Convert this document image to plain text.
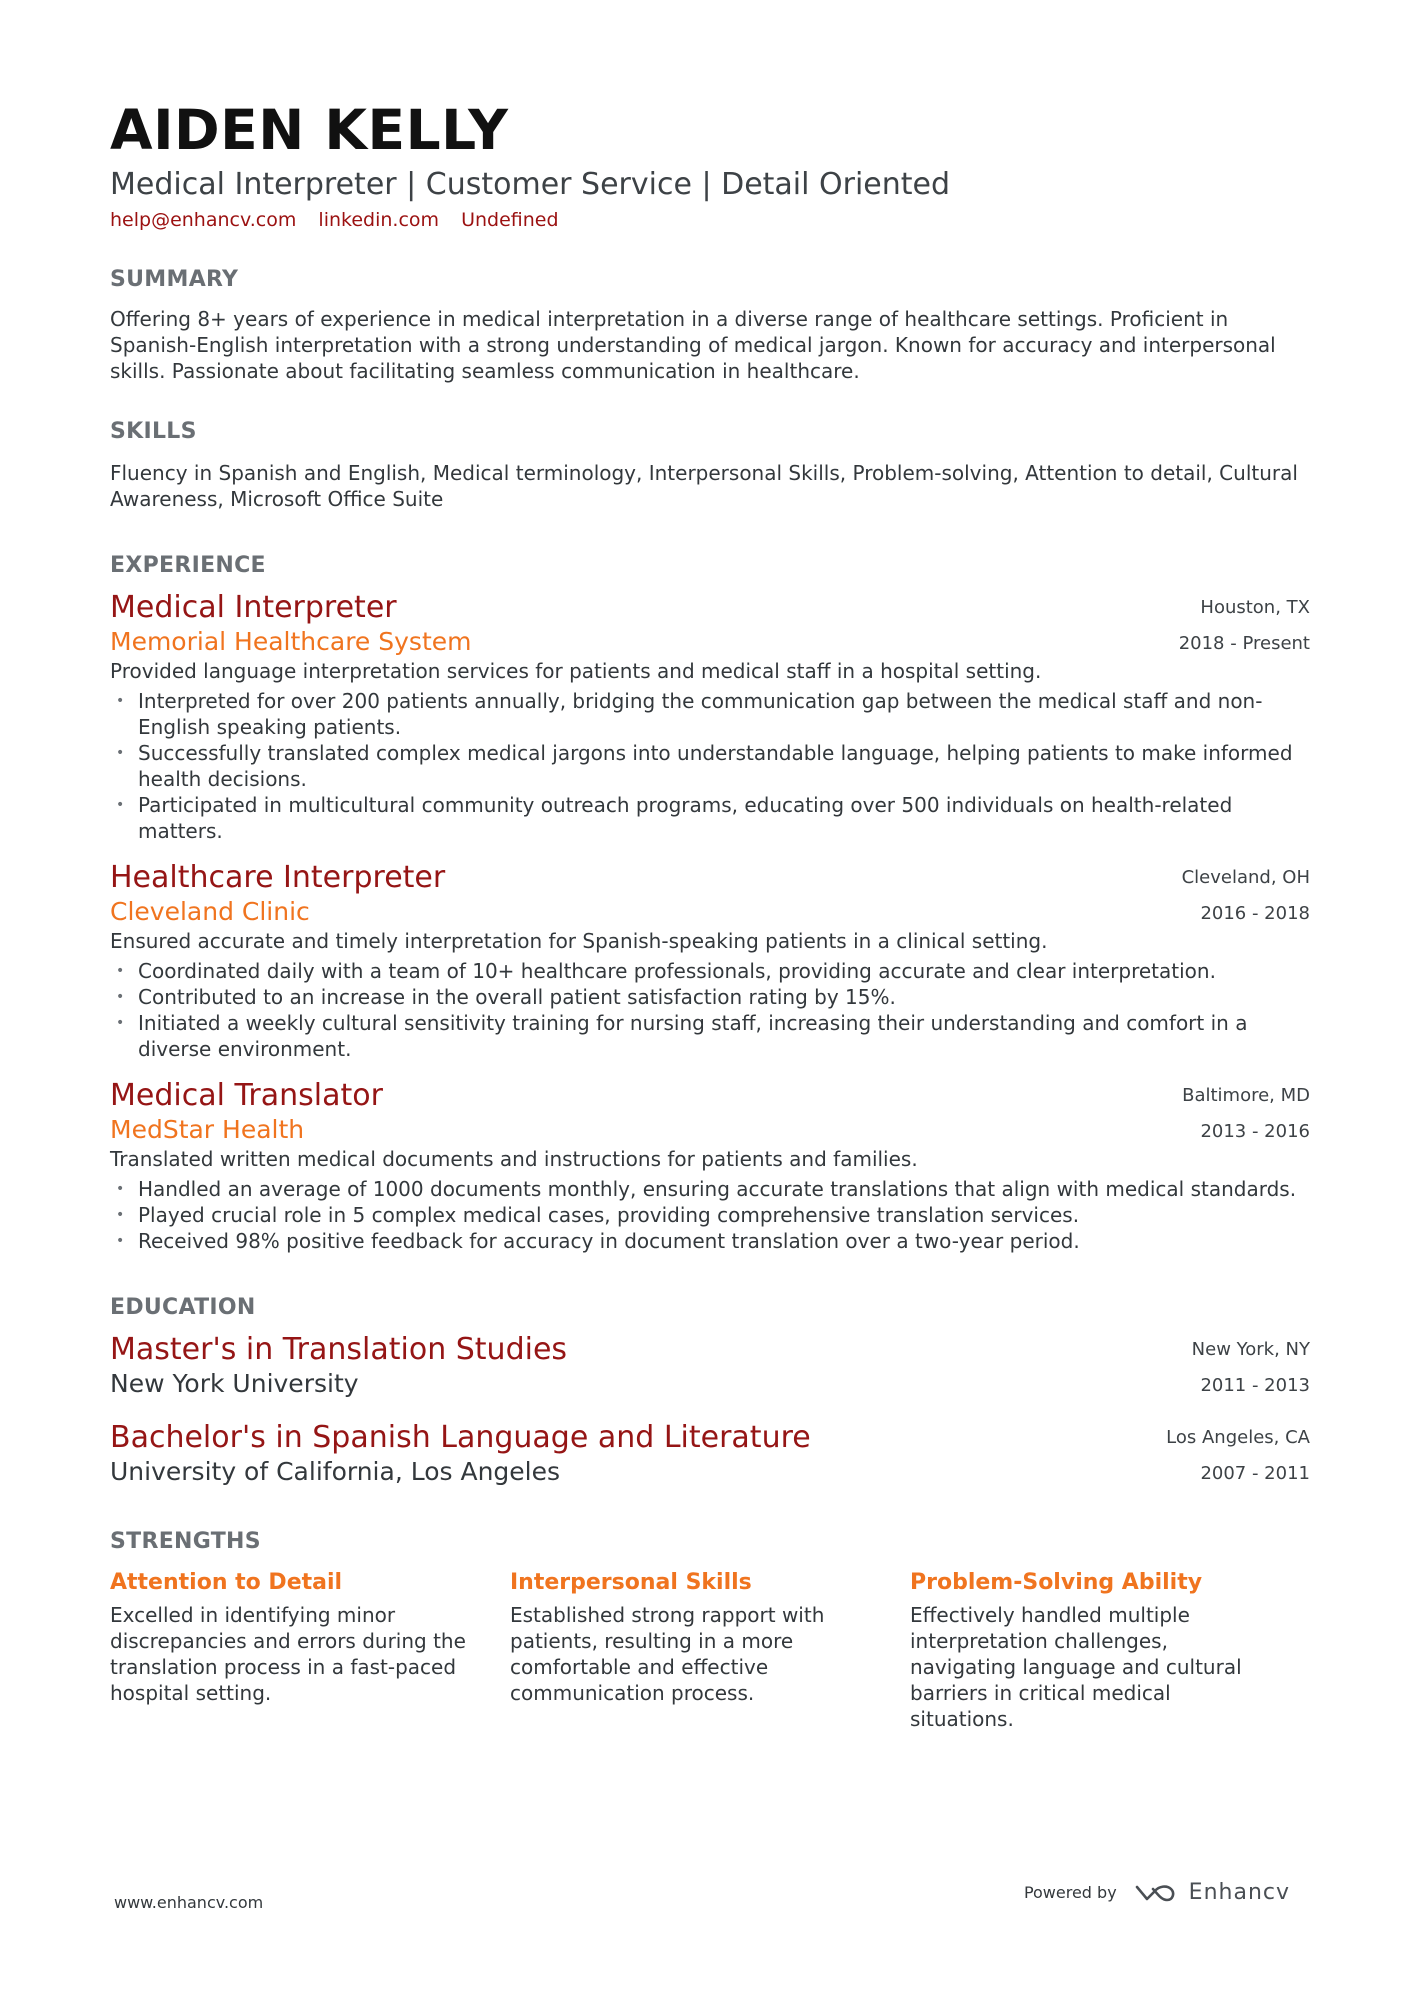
AIDEN KELLY
Medical Interpreter | Customer Service | Detail Oriented
help@enhancv.com linkedin.com Undefined
SUMMARY
Offering 8+ years of experience in medical interpretation in a diverse range of healthcare settings. Proficient in Spanish-English interpretation with a strong understanding of medical jargon. Known for accuracy and interpersonal skills. Passionate about facilitating seamless communication in healthcare.
SKILLS
Fluency in Spanish and English, Medical terminology, Interpersonal Skills, Problem-solving, Attention to detail, Cultural Awareness, Microsoft Office Suite
EXPERIENCE
Medical Interpreter
Memorial Healthcare System
Houston, TX
2018 - Present
Provided language interpretation services for patients and medical staff in a hospital setting.
• Interpreted for over 200 patients annually, bridging the communication gap between the medical staff and non-English speaking patients.
• Successfully translated complex medical jargons into understandable language, helping patients to make informed health decisions.
• Participated in multicultural community outreach programs, educating over 500 individuals on health-related matters.
Healthcare Interpreter
Cleveland Clinic
Cleveland, OH
2016 - 2018
Ensured accurate and timely interpretation for Spanish-speaking patients in a clinical setting.
• Coordinated daily with a team of 10+ healthcare professionals, providing accurate and clear interpretation.
• Contributed to an increase in the overall patient satisfaction rating by 15%.
• Initiated a weekly cultural sensitivity training for nursing staff, increasing their understanding and comfort in a diverse environment.
Medical Translator
MedStar Health
Baltimore, MD
2013 - 2016
Translated written medical documents and instructions for patients and families.
• Handled an average of 1000 documents monthly, ensuring accurate translations that align with medical standards.
• Played crucial role in 5 complex medical cases, providing comprehensive translation services.
• Received 98% positive feedback for accuracy in document translation over a two-year period.
EDUCATION
Master's in Translation Studies
New York University
New York, NY
2011 - 2013
Bachelor's in Spanish Language and Literature
University of California, Los Angeles
Los Angeles, CA
2007 - 2011
STRENGTHS
Attention to Detail
Excelled in identifying minor discrepancies and errors during the translation process in a fast-paced hospital setting.
Interpersonal Skills
Established strong rapport with patients, resulting in a more comfortable and effective communication process.
Problem-Solving Ability
Effectively handled multiple interpretation challenges, navigating language and cultural barriers in critical medical situations.
www.enhancv.com
Powered by	Enhancv
